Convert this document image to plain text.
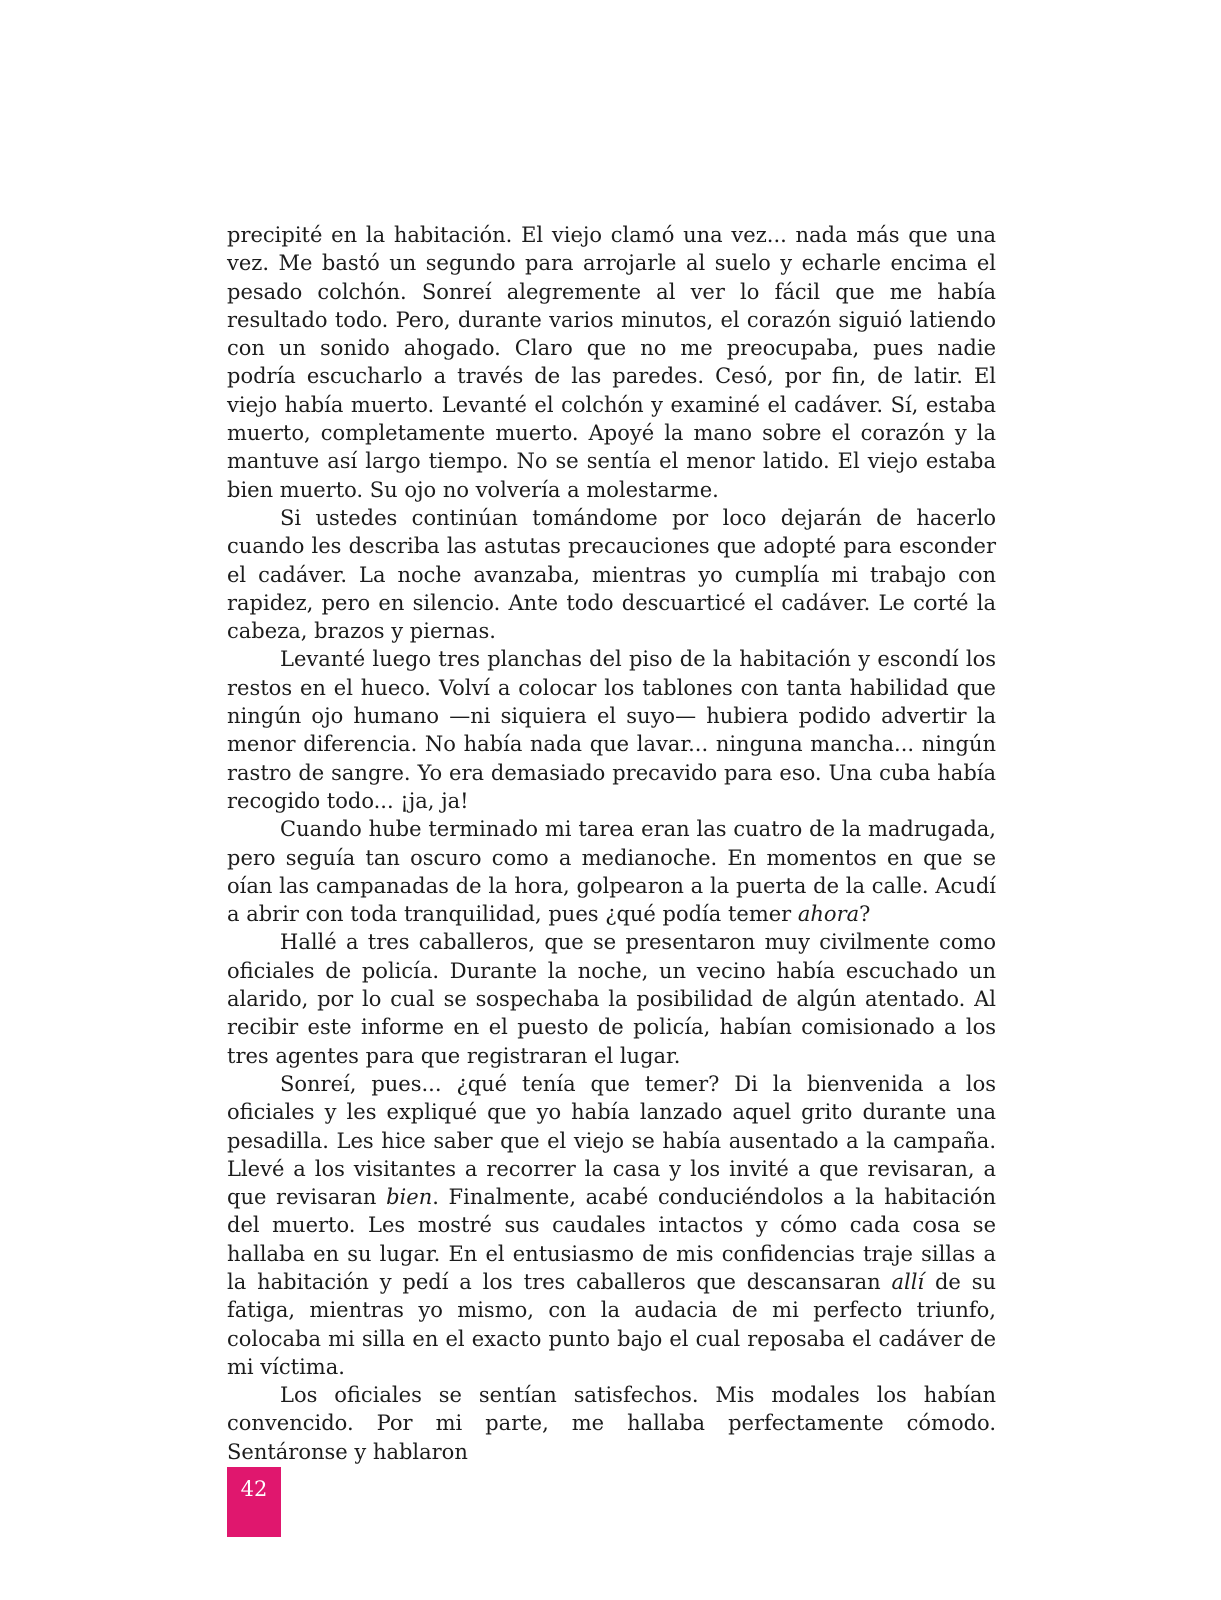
precipité en la habitación. El viejo clamó una vez... nada más que una vez. Me bastó un segundo para arrojarle al suelo y echarle encima el pesado colchón. Sonreí alegremente al ver lo fácil que me había resultado todo. Pero, durante varios minutos, el corazón siguió latiendo con un sonido ahogado. Claro que no me preocupaba, pues nadie podría escucharlo a través de las paredes. Cesó, por fin, de latir. El viejo había muerto. Levanté el colchón y examiné el cadáver. Sí, estaba muerto, completamente muerto. Apoyé la mano sobre el corazón y la mantuve así largo tiempo. No se sentía el menor latido. El viejo estaba bien muerto. Su ojo no volvería a molestarme.

Si ustedes continúan tomándome por loco dejarán de hacerlo cuando les describa las astutas precauciones que adopté para esconder el cadáver. La noche avanzaba, mientras yo cumplía mi trabajo con rapidez, pero en silencio. Ante todo descuarticé el cadáver. Le corté la cabeza, brazos y piernas.

Levanté luego tres planchas del piso de la habitación y escondí los restos en el hueco. Volví a colocar los tablones con tanta habilidad que ningún ojo humano —ni siquiera el suyo— hubiera podido advertir la menor diferencia. No había nada que lavar... ninguna mancha... ningún rastro de sangre. Yo era demasiado precavido para eso. Una cuba había recogido todo... ¡ja, ja!

Cuando hube terminado mi tarea eran las cuatro de la madrugada, pero seguía tan oscuro como a medianoche. En momentos en que se oían las campanadas de la hora, golpearon a la puerta de la calle. Acudí a abrir con toda tranquilidad, pues ¿qué podía temer ahora?

Hallé a tres caballeros, que se presentaron muy civilmente como oficiales de policía. Durante la noche, un vecino había escuchado un alarido, por lo cual se sospechaba la posibilidad de algún atentado. Al recibir este informe en el puesto de policía, habían comisionado a los tres agentes para que registraran el lugar.

Sonreí, pues... ¿qué tenía que temer? Di la bienvenida a los oficiales y les expliqué que yo había lanzado aquel grito durante una pesadilla. Les hice saber que el viejo se había ausentado a la campaña. Llevé a los visitantes a recorrer la casa y los invité a que revisaran, a que revisaran bien. Finalmente, acabé conduciéndolos a la habitación del muerto. Les mostré sus caudales intactos y cómo cada cosa se hallaba en su lugar. En el entusiasmo de mis confidencias traje sillas a la habitación y pedí a los tres caballeros que descansaran allí de su fatiga, mientras yo mismo, con la audacia de mi perfecto triunfo, colocaba mi silla en el exacto punto bajo el cual reposaba el cadáver de mi víctima.

Los oficiales se sentían satisfechos. Mis modales los habían convencido. Por mi parte, me hallaba perfectamente cómodo. Sentáronse y hablaron

42
